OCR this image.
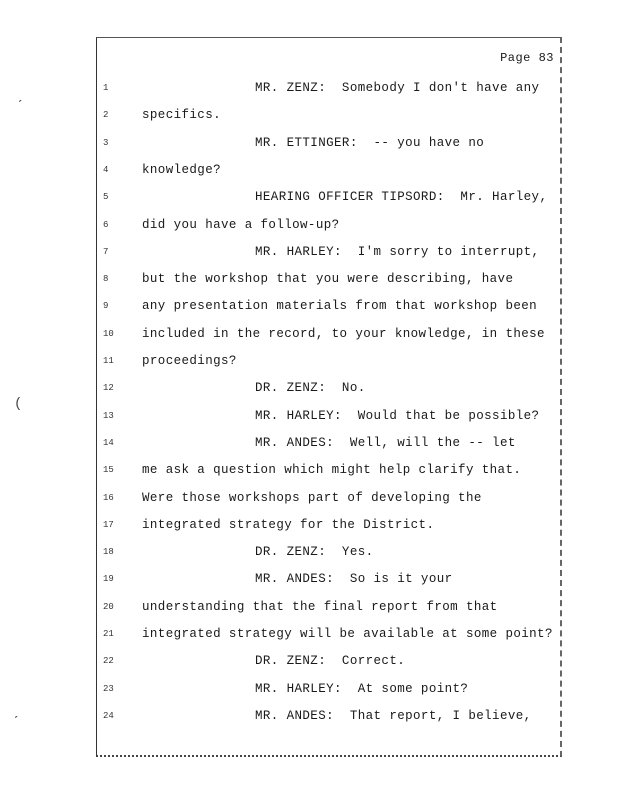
Page 83
1	MR. ZENZ:  Somebody I don't have any
2	specifics.
3	MR. ETTINGER:  -- you have no
4	knowledge?
5	HEARING OFFICER TIPSORD:  Mr. Harley,
6	did you have a follow-up?
7	MR. HARLEY:  I'm sorry to interrupt,
8	but the workshop that you were describing, have
9	any presentation materials from that workshop been
10	included in the record, to your knowledge, in these
11	proceedings?
12	DR. ZENZ:  No.
13	MR. HARLEY:  Would that be possible?
14	MR. ANDES:  Well, will the -- let
15	me ask a question which might help clarify that.
16	Were those workshops part of developing the
17	integrated strategy for the District.
18	DR. ZENZ:  Yes.
19	MR. ANDES:  So is it your
20	understanding that the final report from that
21	integrated strategy will be available at some point?
22	DR. ZENZ:  Correct.
23	MR. HARLEY:  At some point?
24	MR. ANDES:  That report, I believe,
ˏ
(
ˏ
